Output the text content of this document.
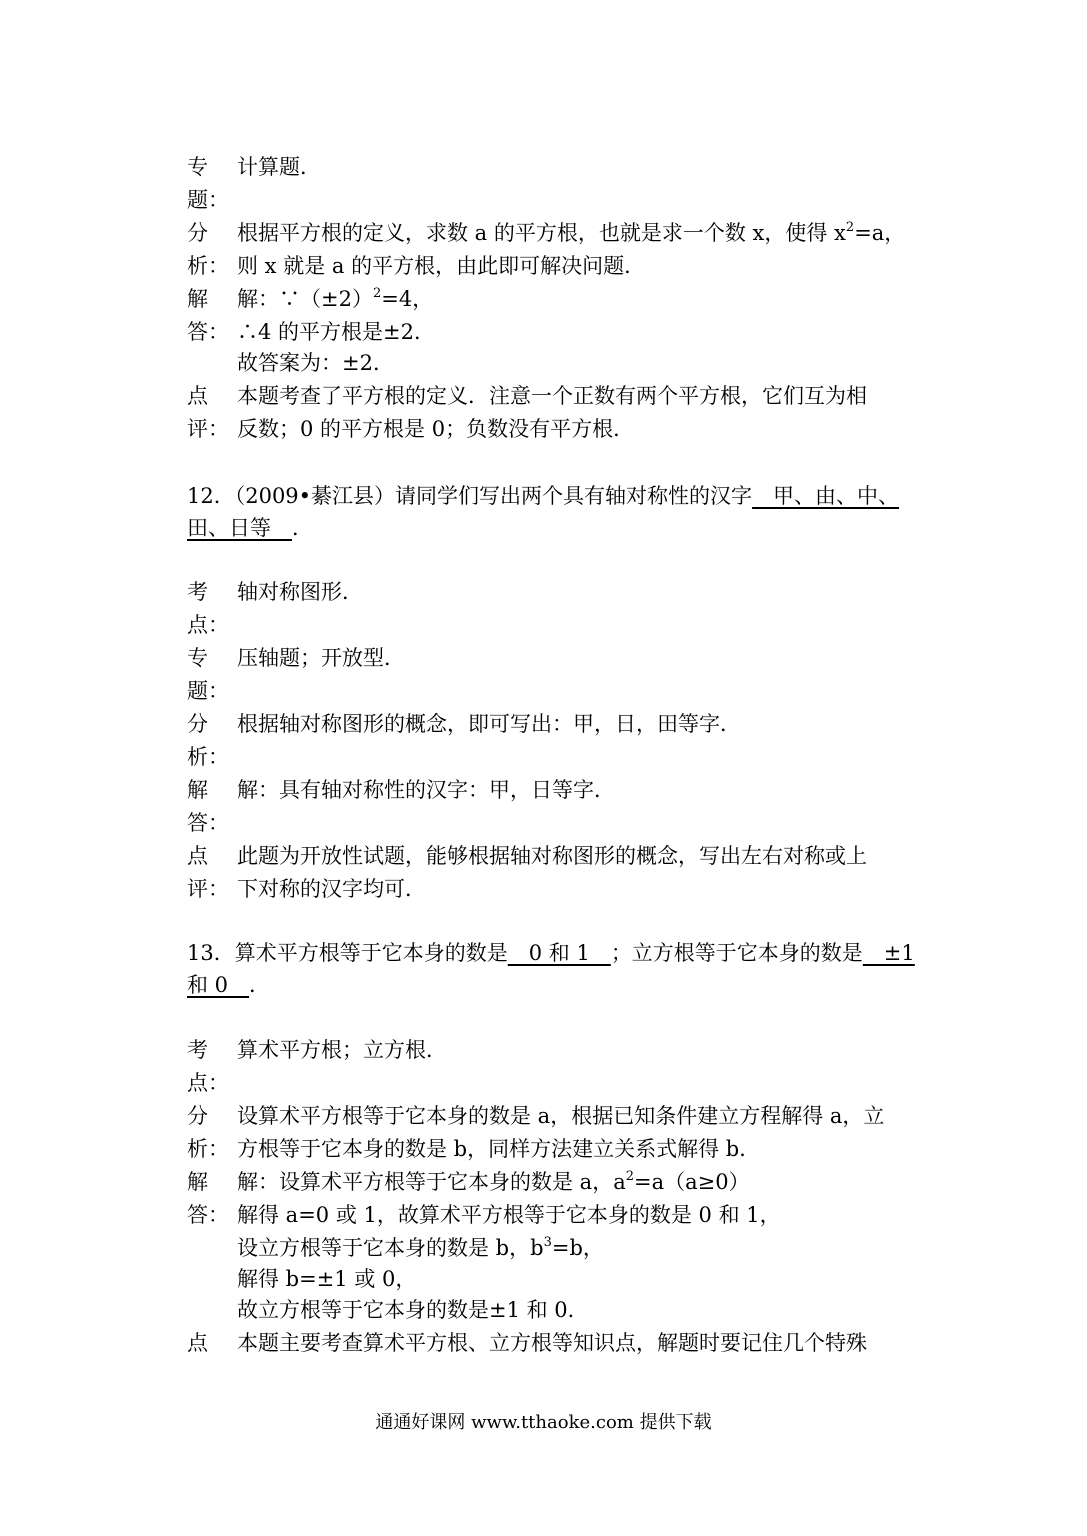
专 计算题．
题：
分 根据平方根的定义，求数 a 的平方根，也就是求一个数 x，使得 $x^2=a$，
析： 则 x 就是 a 的平方根，由此即可解决问题．
解 解：$\because(\pm 2)^2=4$，
答： ∴4 的平方根是±2．
故答案为：±2．
点 本题考查了平方根的定义．注意一个正数有两个平方根，它们互为相
评： 反数；0 的平方根是 0；负数没有平方根．
12．（2009•綦江县）请同学们写出两个具有轴对称性的汉字　甲、由、中、
田、日等　．
考 轴对称图形．
点：
专 压轴题；开放型．
题：
分 根据轴对称图形的概念，即可写出：甲，日，田等字．
析：
解 解：具有轴对称性的汉字：甲，日等字．
答：
点 此题为开放性试题，能够根据轴对称图形的概念，写出左右对称或上
评： 下对称的汉字均可．
13．算术平方根等于它本身的数是　0 和 1　；立方根等于它本身的数是　±1
和 0　．
考 算术平方根；立方根．
点：
分 设算术平方根等于它本身的数是 a，根据已知条件建立方程解得 a，立
析： 方根等于它本身的数是 b，同样方法建立关系式解得 b．
解 解：设算术平方根等于它本身的数是 a，$a^2=a(a\ge 0)$
答： 解得 a=0 或 1，故算术平方根等于它本身的数是 0 和 1，
设立方根等于它本身的数是 b，$b^3=b$，
解得 b=±1 或 0，
故立方根等于它本身的数是±1 和 0．
点 本题主要考查算术平方根、立方根等知识点，解题时要记住几个特殊
通通好课网 www.tthaoke.com 提供下载
